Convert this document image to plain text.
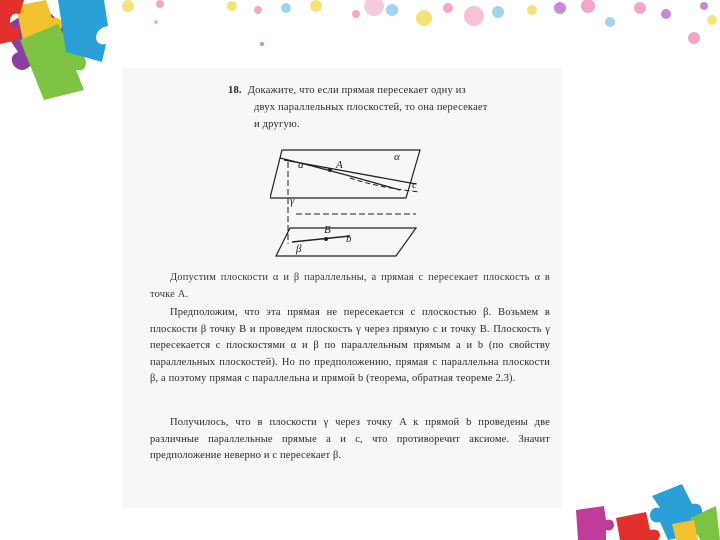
18. Докажите, что если прямая пересекает одну из
двух параллельных плоскостей, то она пересекает
и другую.
a	A
α
c
γ
B
b
β

Допустим плоскости α и β параллельны, а прямая c пересекает плоскость α в точке A.

Предположим, что эта прямая не пересекается с плоскостью β. Возьмем в плоскости β точку B и проведем плоскость γ через прямую c и точку B. Плоскость γ пересекается с плоскостями α и β по параллельным прямым a и b (по свойству параллельных плоскостей). Но по предположению, прямая c параллельна плоскости β, а поэтому прямая c параллельна и прямой b (теорема, обратная теореме 2.3).

Получилось, что в плоскости γ через точку A к прямой b проведены две различные параллельные прямые a и c, что противоречит аксиоме. Значит предположение неверно и c пересекает β.
